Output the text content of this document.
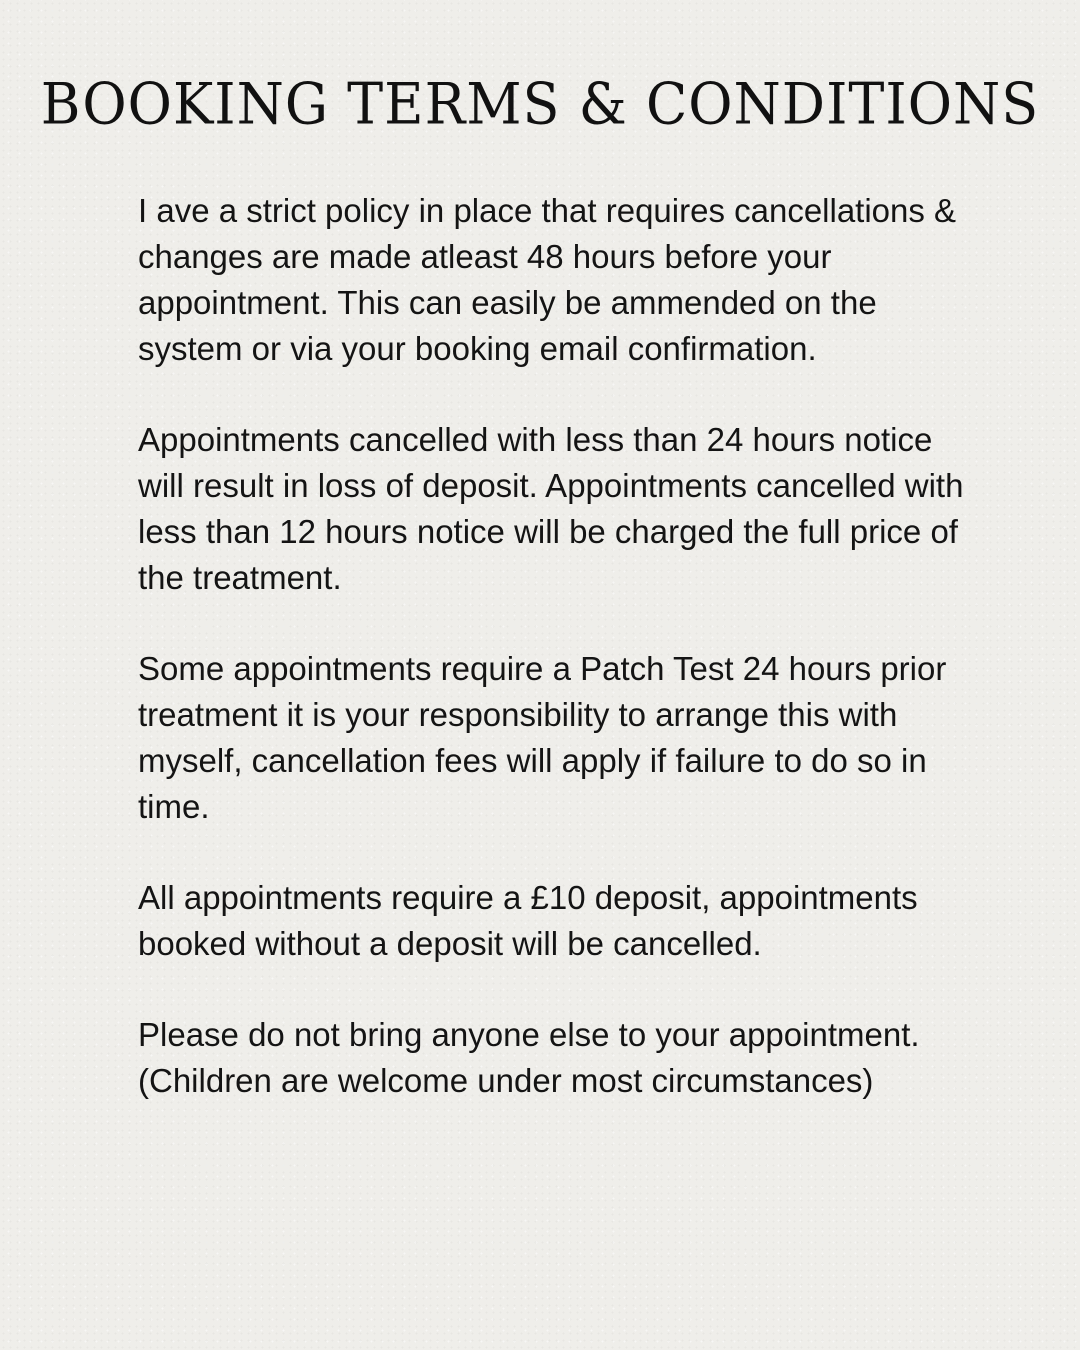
BOOKING TERMS & CONDITIONS

I ave a strict policy in place that requires cancellations & changes are made atleast 48 hours before your appointment. This can easily be ammended on the system or via your booking email confirmation.

Appointments cancelled with less than 24 hours notice will result in loss of deposit. Appointments cancelled with less than 12 hours notice will be charged the full price of the treatment.

Some appointments require a Patch Test 24 hours prior treatment it is your responsibility to arrange this with myself, cancellation fees will apply if failure to do so in time.

All appointments require a £10 deposit, appointments booked without a deposit will be cancelled.

Please do not bring anyone else to your appointment. (Children are welcome under most circumstances)
